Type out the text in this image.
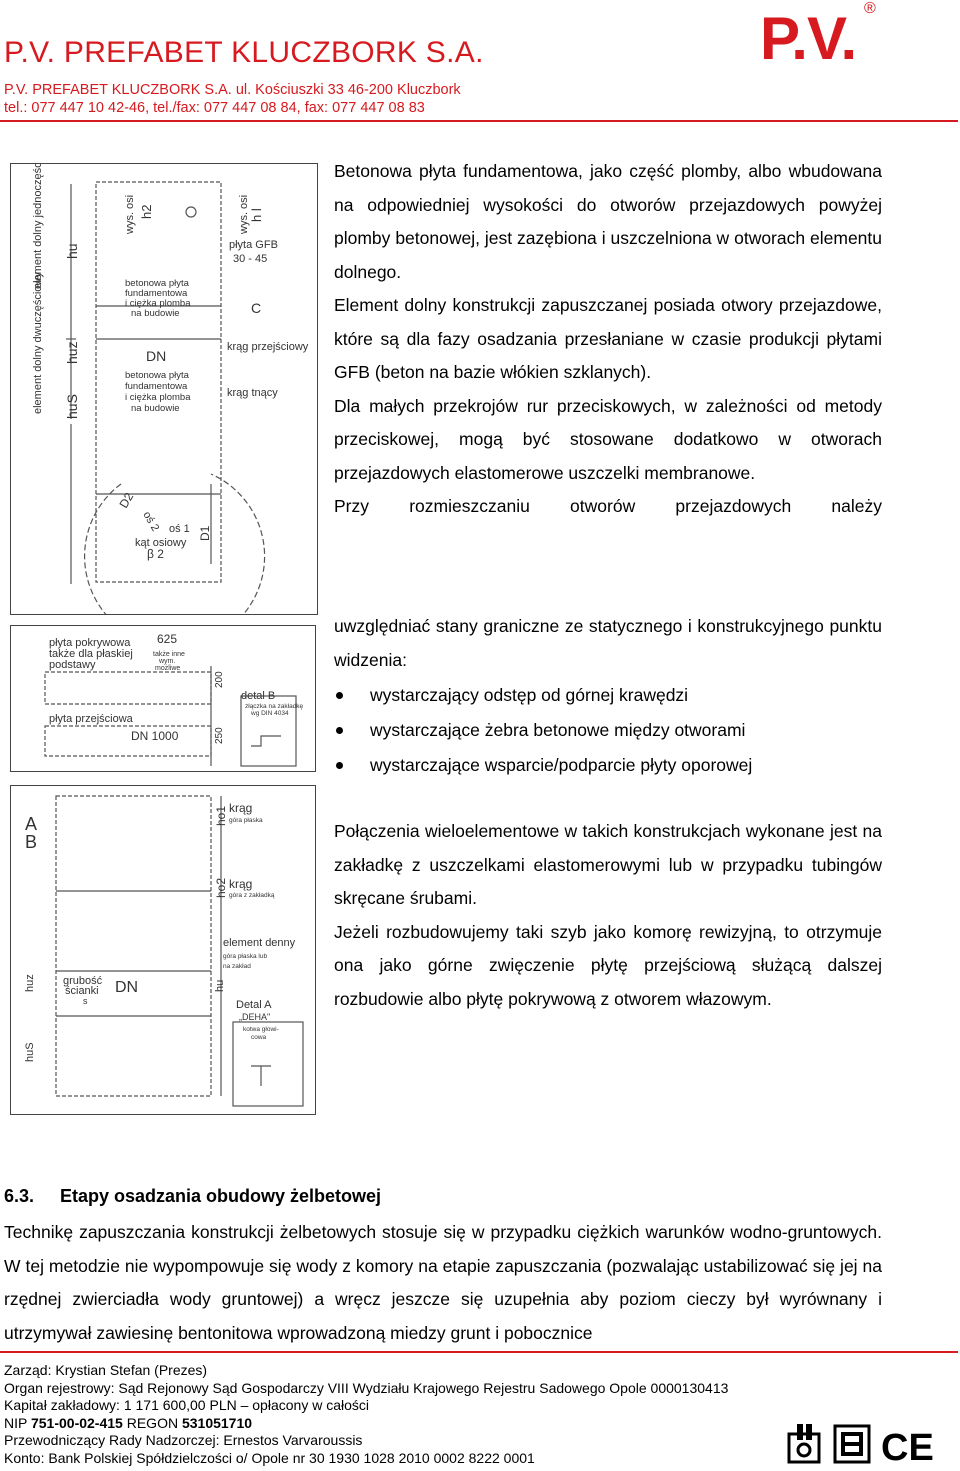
P.V. PREFABET KLUCZBORK S.A.	P.V. ®
P.V. PREFABET KLUCZBORK S.A. ul. Kościuszki 33 46-200 Kluczbork
tel.: 077 447 10 42-46, tel./fax: 077 447 08 84, fax: 077 447 08 83
element dolny jednoczęściowy
element dolny dwuczęściowy
hu
huz
huS
wys. osi h2	wys. osi h l
płyta GFB
30 - 45
C
betonowa płyta
fundamentowa
i ciężka plomba
na budowie
DN
betonowa płyta
fundamentowa
i ciężka plomba
na budowie
krąg przejściowy
krąg tnący
D2
D1
oś 2 oś 1
kąt osiowy
β 2

Betonowa płyta fundamentowa, jako część plomby, albo wbudowana na odpowiedniej wysokości do otworów przejazdowych powyżej plomby betonowej, jest zazębiona i uszczelniona w otworach elementu dolnego.

Element dolny konstrukcji zapuszczanej posiada otwory przejazdowe, które są dla fazy osadzania przesłaniane w czasie produkcji płytami GFB (beton na bazie włókien szklanych).

Dla małych przekrojów rur przeciskowych, w zależności od metody przeciskowej, mogą być stosowane dodatkowo w otworach przejazdowych elastomerowe uszczelki membranowe.

Przy rozmieszczaniu otworów przejazdowych należy

płyta pokrywowa
także dla płaskiej
podstawy
625
także inne
wym.
możliwe
200
detal B
złączka na zakładkę
wg DIN 4034
płyta przejściowa
DN 1000	250

uwzględniać stany graniczne ze statycznego i konstrukcyjnego punktu widzenia:

wystarczający odstęp od górnej krawędzi
wystarczające żebra betonowe między otworami
wystarczające wsparcie/podparcie płyty oporowej
A
B
ho1 krąg
góra płaska
ho2 krąg
góra z zakładką
element denny
góra płaska lub
na zakład
huz grubość
ścianki
s
DN	hu
Detal A
„DEHA"
kotwa głowi-
cowa
huS

Połączenia wieloelementowe w takich konstrukcjach wykonane jest na zakładkę z uszczelkami elastomerowymi lub w przypadku tubingów skręcane śrubami.

Jeżeli rozbudowujemy taki szyb jako komorę rewizyjną, to otrzymuje ona jako górne zwięczenie płytę przejściową służącą dalszej rozbudowie albo płytę pokrywową z otworem włazowym.

6.3. Etapy osadzania obudowy żelbetowej
Technikę zapuszczania konstrukcji żelbetowych stosuje się w przypadku ciężkich warunków wodno-gruntowych. W tej metodzie nie wypompowuje się wody z komory na etapie zapuszczania (pozwalając ustabilizować się jej na rzędnej zwierciadła wody gruntowej) a wręcz jeszcze się uzupełnia aby poziom cieczy był wyrównany i utrzymywał zawiesinę bentonitowa wprowadzoną miedzy grunt i pobocznice
Zarząd: Krystian Stefan (Prezes)
Organ rejestrowy: Sąd Rejonowy Sąd Gospodarczy VIII Wydziału Krajowego Rejestru Sadowego Opole 0000130413
Kapitał zakładowy: 1 171 600,00 PLN – opłacony w całości
NIP 751-00-02-415 REGON 531051710
Przewodniczący Rady Nadzorczej: Ernestos Varvaroussis
Konto: Bank Polskiej Spółdzielczości o/ Opole nr 30 1930 1028 2010 0002 8222 0001	CE
